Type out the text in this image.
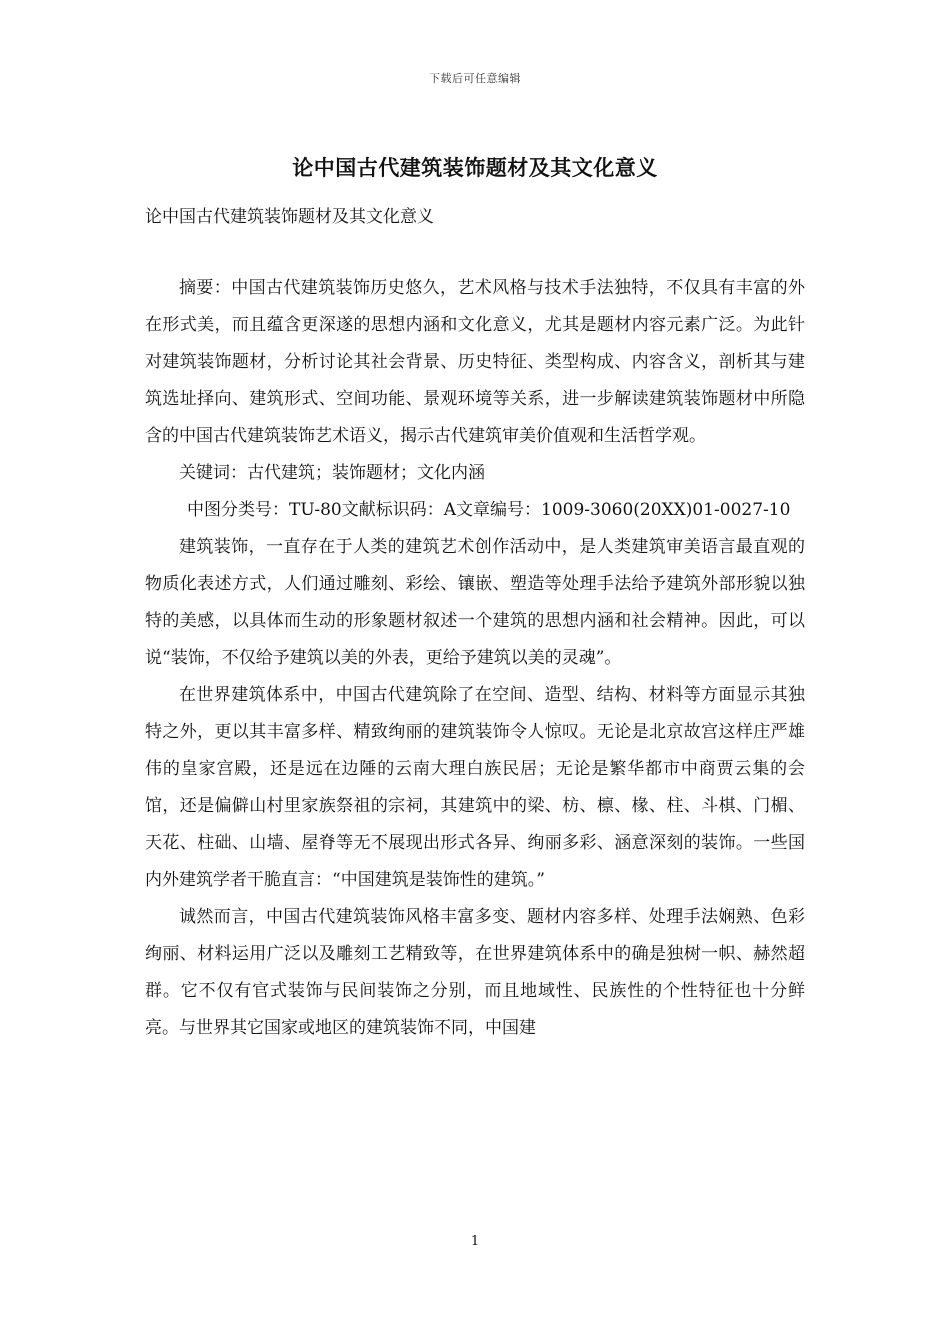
下载后可任意编辑
论中国古代建筑装饰题材及其文化意义
论中国古代建筑装饰题材及其文化意义

摘要：中国古代建筑装饰历史悠久，艺术风格与技术手法独特，不仅具有丰富的外在形式美，而且蕴含更深遂的思想内涵和文化意义，尤其是题材内容元素广泛。为此针对建筑装饰题材，分析讨论其社会背景、历史特征、类型构成、内容含义，剖析其与建筑选址择向、建筑形式、空间功能、景观环境等关系，进一步解读建筑装饰题材中所隐含的中国古代建筑装饰艺术语义，揭示古代建筑审美价值观和生活哲学观。

关键词：古代建筑；装饰题材；文化内涵

中图分类号：TU-80文献标识码：A文章编号：1009-3060(20XX)01-0027-10

建筑装饰，一直存在于人类的建筑艺术创作活动中，是人类建筑审美语言最直观的物质化表述方式，人们通过雕刻、彩绘、镶嵌、塑造等处理手法给予建筑外部形貌以独特的美感，以具体而生动的形象题材叙述一个建筑的思想内涵和社会精神。因此，可以说“装饰，不仅给予建筑以美的外表，更给予建筑以美的灵魂”。

在世界建筑体系中，中国古代建筑除了在空间、造型、结构、材料等方面显示其独特之外，更以其丰富多样、精致绚丽的建筑装饰令人惊叹。无论是北京故宫这样庄严雄伟的皇家宫殿，还是远在边陲的云南大理白族民居；无论是繁华都市中商贾云集的会馆，还是偏僻山村里家族祭祖的宗祠，其建筑中的梁、枋、檩、椽、柱、斗棋、门楣、天花、柱础、山墙、屋脊等无不展现出形式各异、绚丽多彩、涵意深刻的装饰。一些国内外建筑学者干脆直言：“中国建筑是装饰性的建筑。”

诚然而言，中国古代建筑装饰风格丰富多变、题材内容多样、处理手法娴熟、色彩绚丽、材料运用广泛以及雕刻工艺精致等，在世界建筑体系中的确是独树一帜、赫然超群。它不仅有官式装饰与民间装饰之分别，而且地域性、民族性的个性特征也十分鲜亮。与世界其它国家或地区的建筑装饰不同，中国建

1
